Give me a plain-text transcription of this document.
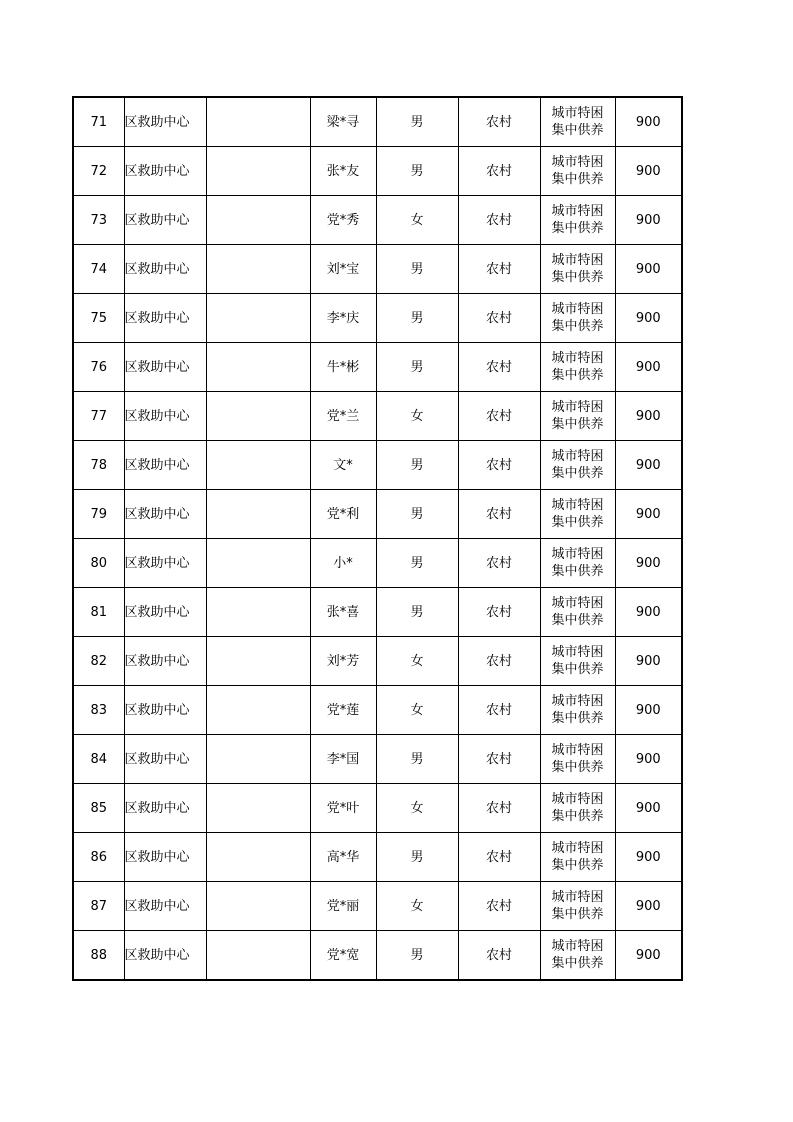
71	区救助中心		梁*寻	男	农村	城市特困
集中供养	900
72	区救助中心		张*友	男	农村	城市特困
集中供养	900
73	区救助中心		党*秀	女	农村	城市特困
集中供养	900
74	区救助中心		刘*宝	男	农村	城市特困
集中供养	900
75	区救助中心		李*庆	男	农村	城市特困
集中供养	900
76	区救助中心		牛*彬	男	农村	城市特困
集中供养	900
77	区救助中心		党*兰	女	农村	城市特困
集中供养	900
78	区救助中心		文*	男	农村	城市特困
集中供养	900
79	区救助中心		党*利	男	农村	城市特困
集中供养	900
80	区救助中心		小*	男	农村	城市特困
集中供养	900
81	区救助中心		张*喜	男	农村	城市特困
集中供养	900
82	区救助中心		刘*芳	女	农村	城市特困
集中供养	900
83	区救助中心		党*莲	女	农村	城市特困
集中供养	900
84	区救助中心		李*国	男	农村	城市特困
集中供养	900
85	区救助中心		党*叶	女	农村	城市特困
集中供养	900
86	区救助中心		高*华	男	农村	城市特困
集中供养	900
87	区救助中心		党*丽	女	农村	城市特困
集中供养	900
88	区救助中心		党*宽	男	农村	城市特困
集中供养	900
